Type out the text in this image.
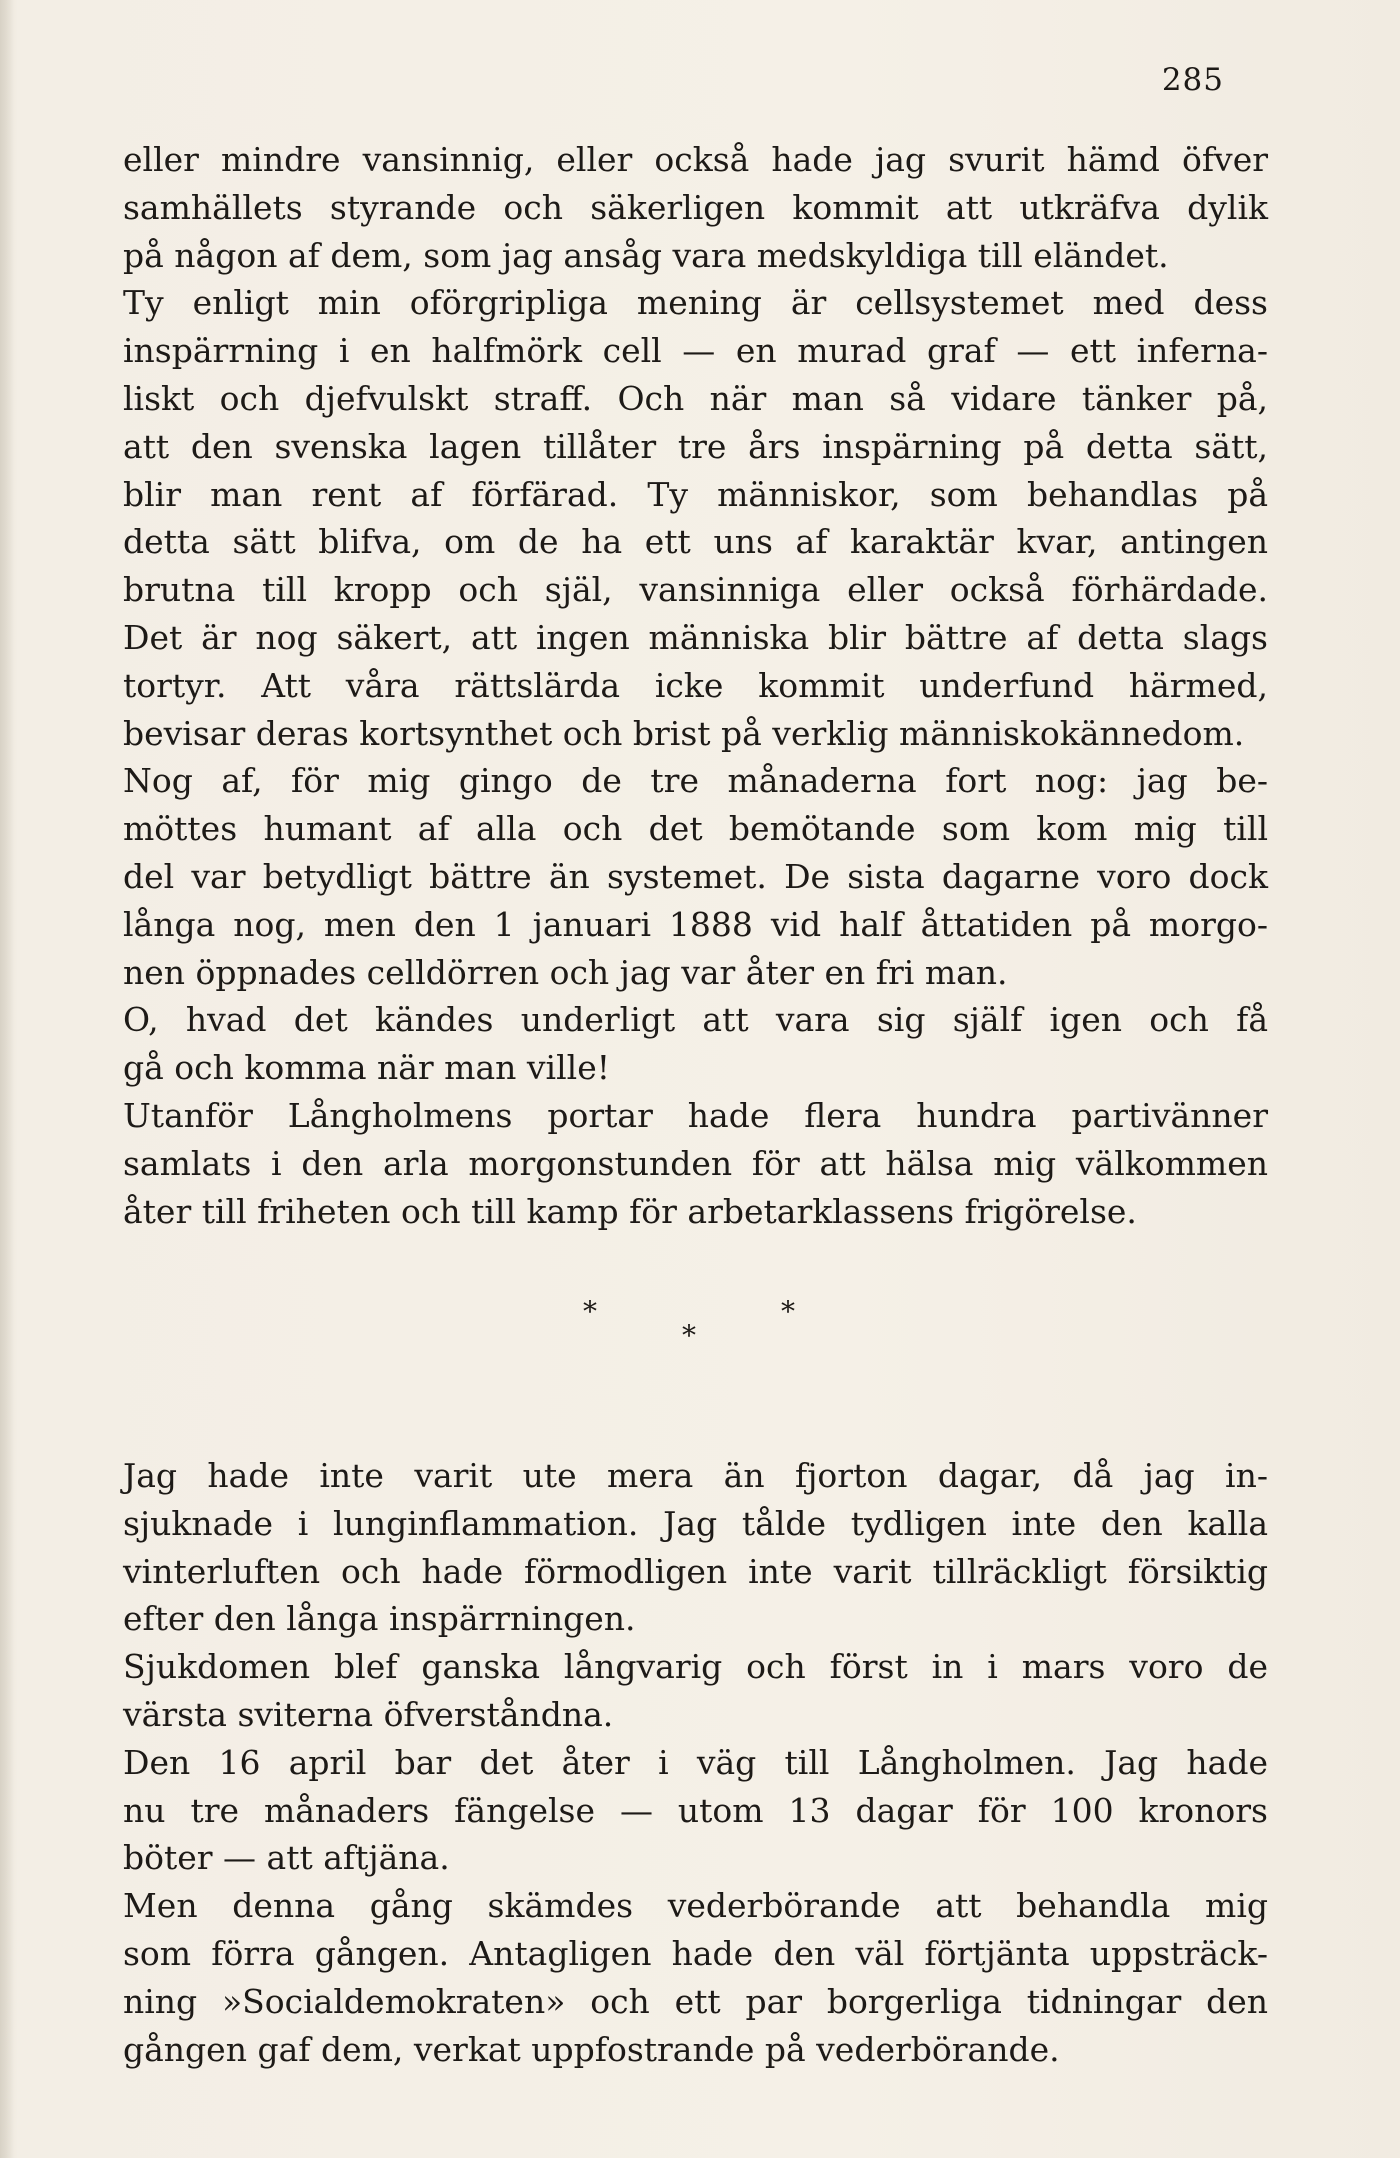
285
eller mindre vansinnig, eller också hade jag svurit hämd öfver
samhällets styrande och säkerligen kommit att utkräfva dylik
på någon af dem, som jag ansåg vara medskyldiga till eländet.
Ty enligt min oförgripliga mening är cellsystemet med dess
inspärrning i en halfmörk cell — en murad graf — ett inferna-
liskt och djefvulskt straff. Och när man så vidare tänker på,
att den svenska lagen tillåter tre års inspärning på detta sätt,
blir man rent af förfärad. Ty människor, som behandlas på
detta sätt blifva, om de ha ett uns af karaktär kvar, antingen
brutna till kropp och själ, vansinniga eller också förhärdade.
Det är nog säkert, att ingen människa blir bättre af detta slags
tortyr. Att våra rättslärda icke kommit underfund härmed,
bevisar deras kortsynthet och brist på verklig människokännedom.
Nog af, för mig gingo de tre månaderna fort nog: jag be-
möttes humant af alla och det bemötande som kom mig till
del var betydligt bättre än systemet. De sista dagarne voro dock
långa nog, men den 1 januari 1888 vid half åttatiden på morgo-
nen öppnades celldörren och jag var åter en fri man.
O, hvad det kändes underligt att vara sig själf igen och få
gå och komma när man ville!
Utanför Långholmens portar hade flera hundra partivänner
samlats i den arla morgonstunden för att hälsa mig välkommen
åter till friheten och till kamp för arbetarklassens frigörelse.
*	*
*
Jag hade inte varit ute mera än fjorton dagar, då jag in-
sjuknade i lunginflammation. Jag tålde tydligen inte den kalla
vinterluften och hade förmodligen inte varit tillräckligt försiktig
efter den långa inspärrningen.
Sjukdomen blef ganska långvarig och först in i mars voro de
värsta sviterna öfverståndna.
Den 16 april bar det åter i väg till Långholmen. Jag hade
nu tre månaders fängelse — utom 13 dagar för 100 kronors
böter — att aftjäna.
Men denna gång skämdes vederbörande att behandla mig
som förra gången. Antagligen hade den väl förtjänta uppsträck-
ning »Socialdemokraten» och ett par borgerliga tidningar den
gången gaf dem, verkat uppfostrande på vederbörande.
